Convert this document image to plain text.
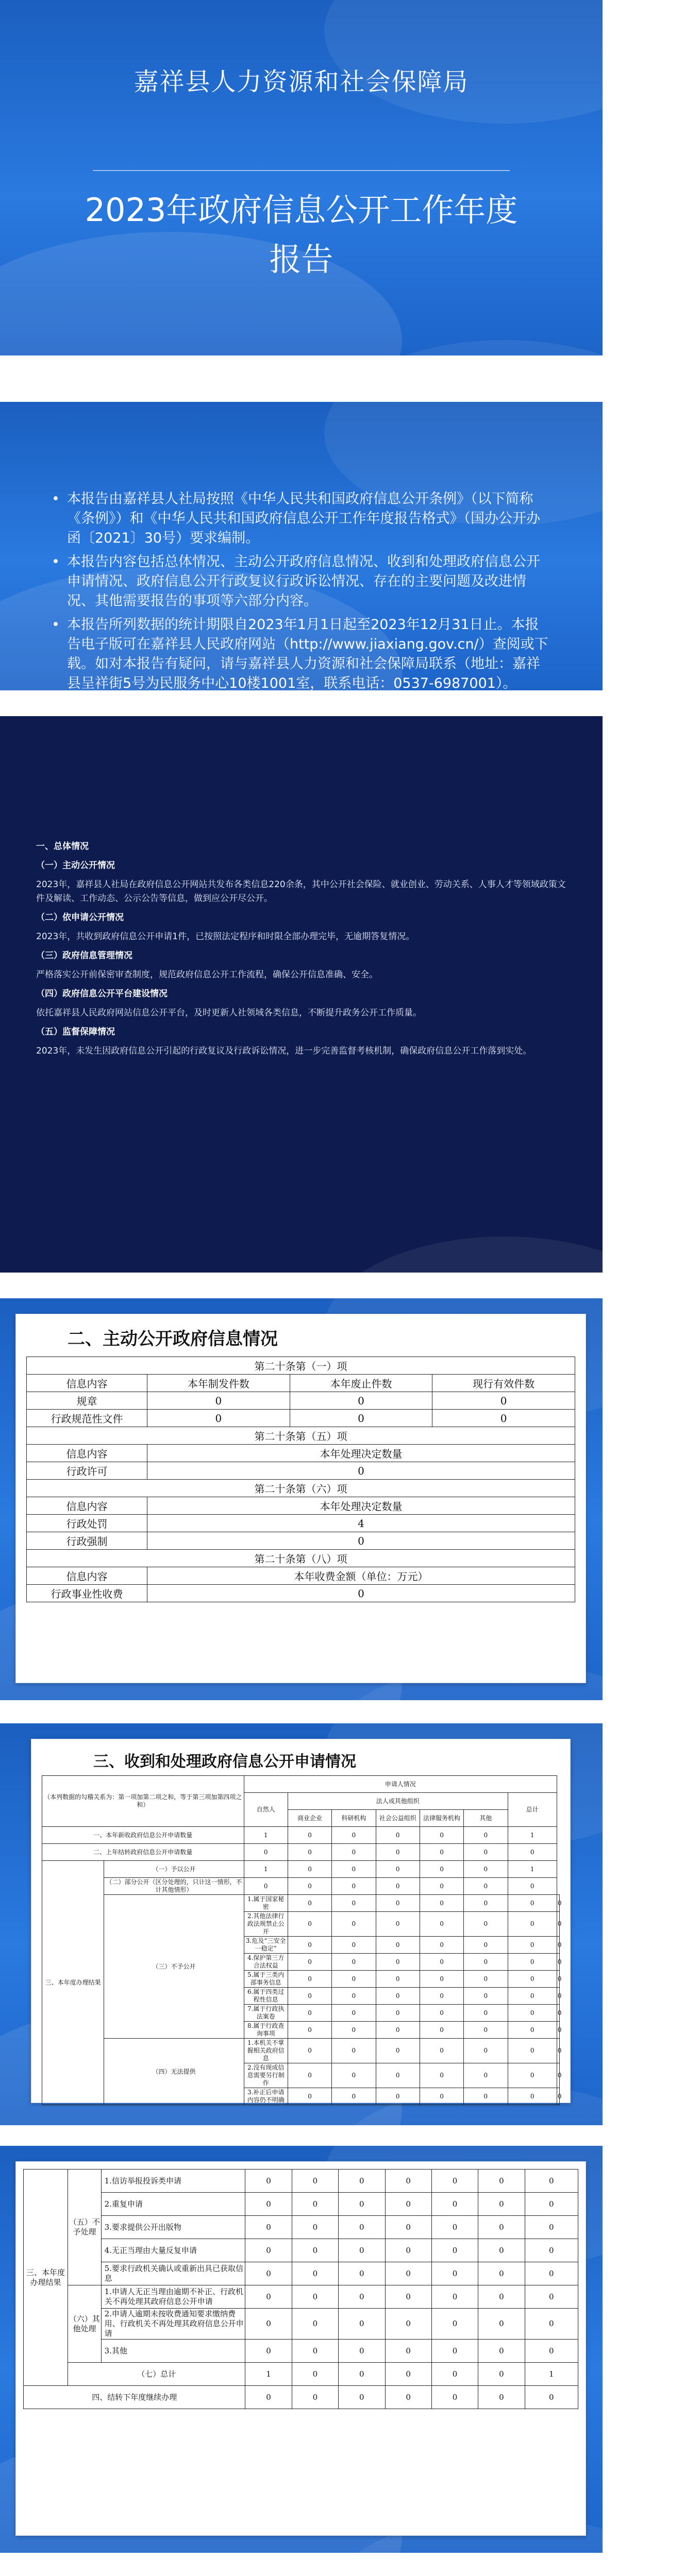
嘉祥县人力资源和社会保障局
2023年政府信息公开工作年度报告
• 本报告由嘉祥县人社局按照《中华人民共和国政府信息公开条例》（以下简称《条例》）和《中华人民共和国政府信息公开工作年度报告格式》（国办公开办函〔2021〕30号）要求编制。
• 本报告内容包括总体情况、主动公开政府信息情况、收到和处理政府信息公开申请情况、政府信息公开行政复议行政诉讼情况、存在的主要问题及改进情况、其他需要报告的事项等六部分内容。
• 本报告所列数据的统计期限自2023年1月1日起至2023年12月31日止。本报告电子版可在嘉祥县人民政府网站（http://www.jiaxiang.gov.cn/）查阅或下载。如对本报告有疑问，请与嘉祥县人力资源和社会保障局联系（地址：嘉祥县呈祥街5号为民服务中心10楼1001室，联系电话：0537-6987001）。

一、总体情况

（一）主动公开情况

2023年，嘉祥县人社局在政府信息公开网站共发布各类信息220余条，其中公开社会保险、就业创业、劳动关系、人事人才等领域政策文件及解读、工作动态、公示公告等信息，做到应公开尽公开。

（二）依申请公开情况

2023年，共收到政府信息公开申请1件，已按照法定程序和时限全部办理完毕，无逾期答复情况。

（三）政府信息管理情况

严格落实公开前保密审查制度，规范政府信息公开工作流程，确保公开信息准确、安全。

（四）政府信息公开平台建设情况

依托嘉祥县人民政府网站信息公开平台，及时更新人社领域各类信息，不断提升政务公开工作质量。

（五）监督保障情况

2023年，未发生因政府信息公开引起的行政复议及行政诉讼情况，进一步完善监督考核机制，确保政府信息公开工作落到实处。

二、主动公开政府信息情况
第二十条第（一）项			
信息内容	本年制发件数	本年废止件数	现行有效件数
规章	0	0	0
行政规范性文件	0	0	0
第二十条第（五）项			
信息内容	本年处理决定数量		
行政许可	0		
第二十条第（六）项			
信息内容	本年处理决定数量		
行政处罚	4		
行政强制	0		
第二十条第（八）项			
信息内容	本年收费金额（单位：万元）		
行政事业性收费	0		
三、收到和处理政府信息公开申请情况
（本列数据的勾稽关系为：第一项加第二项之和，等于第三项加第四项之和）		申请人情况							
		自然人	法人或其他组织					总计	
			商业企业	科研机构	社会公益组织	法律服务机构	其他		
一、本年新收政府信息公开申请数量		1	0	0	0	0	0	1	
二、上年结转政府信息公开申请数量		0	0	0	0	0	0	0	
三、本年度办理结果	（一）予以公开	1	0	0	0	0	0	1	
	（二）部分公开（区分处理的，只计这一情形，不计其他情形）	0	0	0	0	0	0	0	
	（三）不予公开	1.属于国家秘密	0	0	0	0	0	0	0
		2.其他法律行政法规禁止公开	0	0	0	0	0	0	0
		3.危及“三安全一稳定”	0	0	0	0	0	0	0
		4.保护第三方合法权益	0	0	0	0	0	0	0
		5.属于三类内部事务信息	0	0	0	0	0	0	0
		6.属于四类过程性信息	0	0	0	0	0	0	0
		7.属于行政执法案卷	0	0	0	0	0	0	0
		8.属于行政查询事项	0	0	0	0	0	0	0
	（四）无法提供	1.本机关不掌握相关政府信息	0	0	0	0	0	0	0
		2.没有现成信息需要另行制作	0	0	0	0	0	0	0
		3.补正后申请内容仍不明确	0	0	0	0	0	0	0
三、本年度办理结果	（五）不予处理	1.信访举报投诉类申请	0	0	0	0	0	0	0
		2.重复申请	0	0	0	0	0	0	0
		3.要求提供公开出版物	0	0	0	0	0	0	0
		4.无正当理由大量反复申请	0	0	0	0	0	0	0
		5.要求行政机关确认或重新出具已获取信息	0	0	0	0	0	0	0
	（六）其他处理	1.申请人无正当理由逾期不补正、行政机关不再处理其政府信息公开申请	0	0	0	0	0	0	0
		2.申请人逾期未按收费通知要求缴纳费用、行政机关不再处理其政府信息公开申请	0	0	0	0	0	0	0
		3.其他	0	0	0	0	0	0	0
	（七）总计		1	0	0	0	0	0	1
四、结转下年度继续办理			0	0	0	0	0	0	0
